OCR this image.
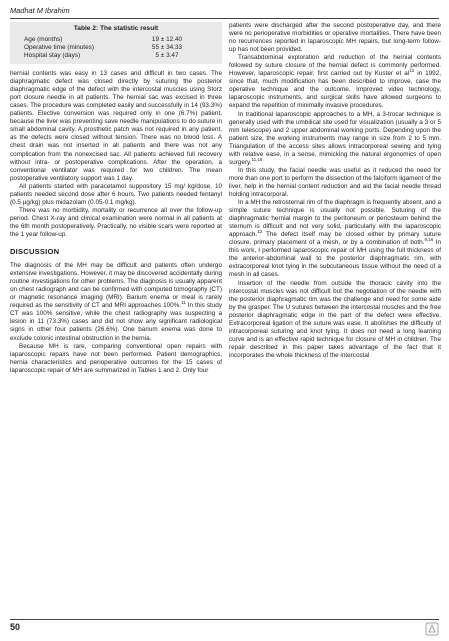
Madhat M Ibrahim
Table 2: The statistic result
Age (months)	19 ± 12.40
Operative time (minutes)	55 ± 34.33
Hospital stay (days)	5 ± 3.47

hernial contents was easy in 13 cases and difficult in two cases. The diaphragmatic defect was closed directly by suturing the posterior diaphragmatic edge of the defect with the intercostal muscles using Storz port closure needle in all patients. The hernial sac was excised in three cases. The procedure was completed easily and successfully in 14 (93.3%) patients. Elective conversion was required only in one (6.7%) patient, because the liver was preventing save needle manipulations to do suture in small abdominal cavity. A prosthetic patch was not required in any patient, as the defects were closed without tension. There was no blood loss. A chest drain was not inserted in all patients and there was not any complication from the nonexcised sac. All patients achieved full recovery without intra- or postoperative complications. After the operation, a conventional ventilator was required for two children. The mean postoperative ventilatory support was 1 day.

All patients started with paracetamol suppository 15 mg/ kg/dose, 10 patients needed second dose after 6 hours. Two patients needed fentanyl (0.5 µg/kg) plus midazolam (0.05-0.1 mg/kg).

There was no morbidity, mortality or recurrence all over the follow-up period. Chest X-ray and clinical examination were normal in all patients at the 6th month postoperatively. Practically, no visible scars were reported at the 1 year follow-up.

DISCUSSION

The diagnosis of the MH may be difficult and patients often undergo extensive investigations. However, it may be discovered accidentally during routine investigations for other problems. The diagnosis is usually apparent on chest radiograph and can be confirmed with computed tomography (CT) or magnetic resonance imaging (MRI). Barium enema or meal is rarely required as the sensitivity of CT and MRI approaches 100%.$^{11}$ In this study CT was 100% sensitive, while the chest radiography was suspecting a lesion in 11 (73.3%) cases and did not show any significant radiological signs in other four patients (26.6%). One barium enema was done to exclude colonic intestinal obstruction in the hernia.

Because MH is rare, comparing conventional open repairs with laparoscopic repairs have not been performed. Patient demographics, hernia characteristics and perioperative outcomes for the 15 cases of laparoscopic repair of MH are summarized in Tables 1 and 2. Only four

patients were discharged after the second postoperative day, and there were no perioperative morbidities or operative mortalities. There have been no recurrences reported in laparoscopic MH repairs, but long-term follow-up has not been provided.

Transabdominal exploration and reduction of the hernial contents followed by suture closure of the hernial defect is commonly performed. However, laparoscopic repair, first carried out by Kuster et $al^{12}$ in 1992, since that, much modification has been described to improve, case the operative technique and the outcome. Improved video technology, laparoscopic instruments, and surgical skills have allowed surgeons to expand the repetition of minimally invasive procedures.

In traditional laparoscopic approaches to a MH, a 3-trocar technique is generally used with the umbilical site used for visualization (usually a 3 or 5 mm telescope) and 2 upper abdominal working ports. Depending upon the patient size, the working instruments may range in size from 2 to 5 mm. Triangulation of the access sites allows intracorporeal sewing and tying with relative ease, in a sense, mimicking the natural ergonomics of open surgery.$^{11,15}$

In this study, the facial needle was useful as it reduced the need for more than one port to perform the dissection of the falciform ligament of the liver, help in the hernial content reduction and aid the facial needle thread holding intracorporal.

In a MH the retrosternal rim of the diaphragm is frequently absent, and a simple suture technique is usually not possible. Suturing of the diaphragmatic hernial margin to the peritoneum or periosteum behind the sternum is difficult and not very solid, particularly with the laparoscopic approach.$^{12}$ The defect itself may be closed either by primary suture closure, primary placement of a mesh, or by a combination of both.$^{9,16}$ In this work, I performed laparoscopic repair of MH using the full thickness of the anterior-abdominal wall to the posterior diaphragmatic rim, with extracorporeal knot tying in the subcutaneous tissue without the need of a mesh in all cases.

Insertion of the needle from outside the thoracic cavity into the intercostal muscles was not difficult but the negotiation of the needle with the posterior diaphragmatic rim was the challenge and need for some aide by the grasper. The U sutures between the intercostal muscles and the free posterior diaphragmatic edge in the part of the defect were effective. Extracorporeal ligation of the suture was ease. It abolishes the difficulty of intracorporeal suturing and knot tying. It does not need a long learning curve and is an effective rapid technique for closure of MH in children. The repair described in this paper takes advantage of the fact that it incorporates the whole thickness of the intercostal

50
